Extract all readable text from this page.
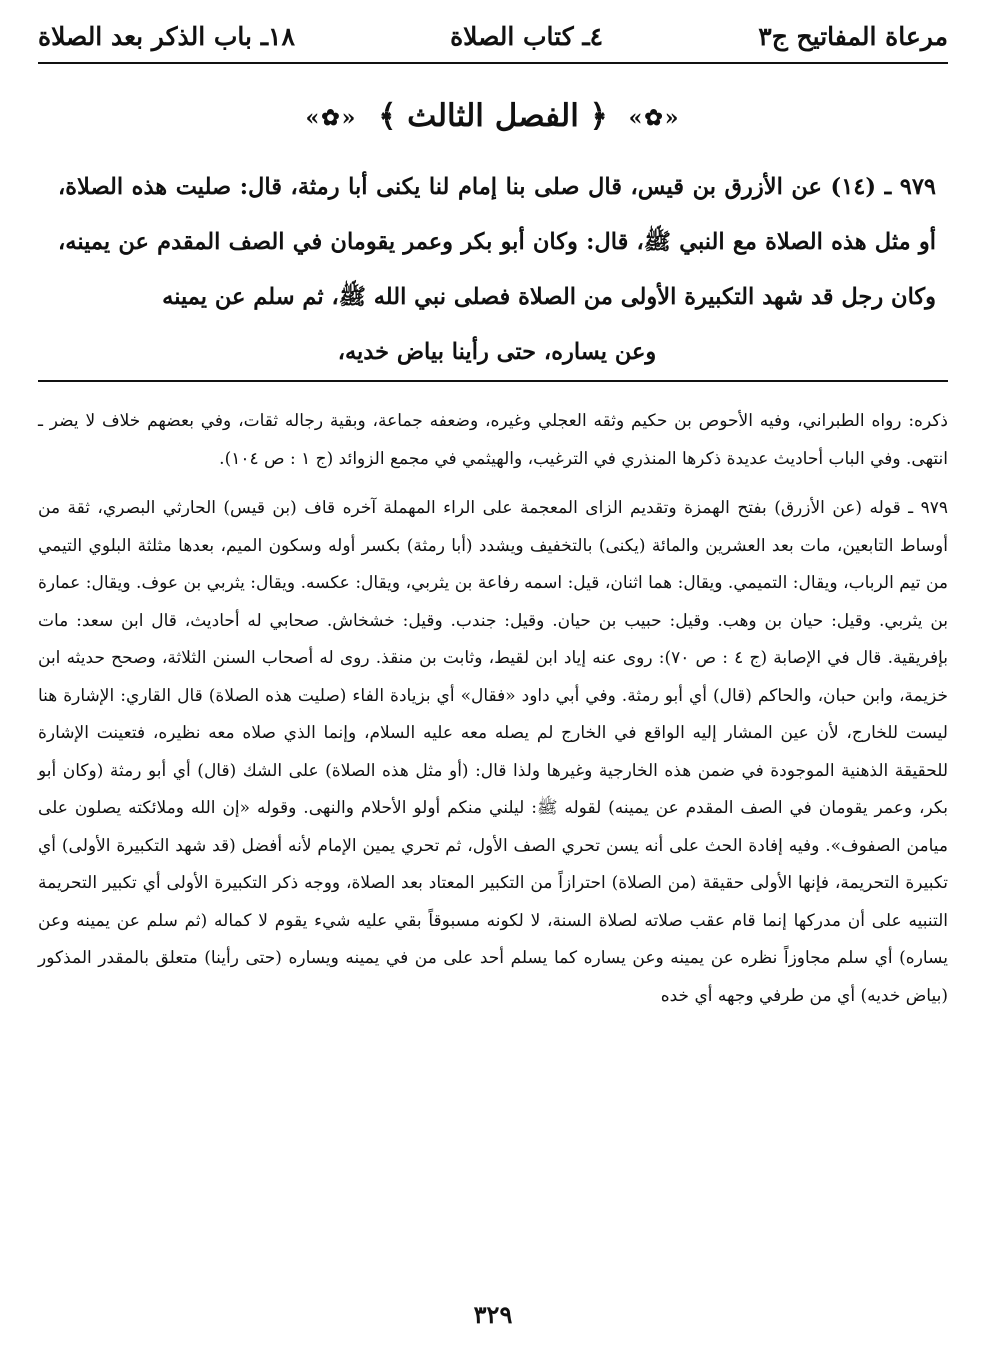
مرعاة المفاتيح ج٣
٤ـ كتاب الصلاة
١٨ـ باب الذكر بعد الصلاة
«✿» ﴿ الفصل الثالث ﴾ «✿»
٩٧٩ ـ (١٤) عن الأزرق بن قيس، قال صلى بنا إمام لنا يكنى أبا رمثة، قال: صليت هذه الصلاة، أو مثل هذه الصلاة مع النبي ﷺ، قال: وكان أبو بكر وعمر يقومان في الصف المقدم عن يمينه، وكان رجل قد شهد التكبيرة الأولى من الصلاة فصلى نبي الله ﷺ، ثم سلم عن يمينه
وعن يساره، حتى رأينا بياض خديه،

ذكره: رواه الطبراني، وفيه الأحوص بن حكيم وثقه العجلي وغيره، وضعفه جماعة، وبقية رجاله ثقات، وفي بعضهم خلاف لا يضر ـ انتهى. وفي الباب أحاديث عديدة ذكرها المنذري في الترغيب، والهيثمي في مجمع الزوائد (ج ١ : ص ١٠٤).

٩٧٩ ـ قوله (عن الأزرق) بفتح الهمزة وتقديم الزاى المعجمة على الراء المهملة آخره قاف (بن قيس) الحارثي البصري، ثقة من أوساط التابعين، مات بعد العشرين والمائة (يكنى) بالتخفيف ويشدد (أبا رمثة) بكسر أوله وسكون الميم، بعدها مثلثة البلوي التيمي من تيم الرباب، ويقال: التميمي. ويقال: هما اثنان، قيل: اسمه رفاعة بن يثربي، ويقال: عكسه. ويقال: يثربي بن عوف. ويقال: عمارة بن يثربي. وقيل: حيان بن وهب. وقيل: حبيب بن حيان. وقيل: جندب. وقيل: خشخاش. صحابي له أحاديث، قال ابن سعد: مات بإفريقية. قال في الإصابة (ج ٤ : ص ٧٠): روى عنه إياد ابن لقيط، وثابت بن منقذ. روى له أصحاب السنن الثلاثة، وصحح حديثه ابن خزيمة، وابن حبان، والحاكم (قال) أي أبو رمثة. وفي أبي داود «فقال» أي بزيادة الفاء (صليت هذه الصلاة) قال القاري: الإشارة هنا ليست للخارج، لأن عين المشار إليه الواقع في الخارج لم يصله معه عليه السلام، وإنما الذي صلاه معه نظيره، فتعينت الإشارة للحقيقة الذهنية الموجودة في ضمن هذه الخارجية وغيرها ولذا قال: (أو مثل هذه الصلاة) على الشك (قال) أي أبو رمثة (وكان أبو بكر، وعمر يقومان في الصف المقدم عن يمينه) لقوله ﷺ: ليلني منكم أولو الأحلام والنهى. وقوله «إن الله وملائكته يصلون على ميامن الصفوف». وفيه إفادة الحث على أنه يسن تحري الصف الأول، ثم تحري يمين الإمام لأنه أفضل (قد شهد التكبيرة الأولى) أي تكبيرة التحريمة، فإنها الأولى حقيقة (من الصلاة) احترازاً من التكبير المعتاد بعد الصلاة، ووجه ذكر التكبيرة الأولى أي تكبير التحريمة التنبيه على أن مدركها إنما قام عقب صلاته لصلاة السنة، لا لكونه مسبوقاً بقي عليه شيء يقوم لا كماله (ثم سلم عن يمينه وعن يساره) أي سلم مجاوزاً نظره عن يمينه وعن يساره كما يسلم أحد على من في يمينه ويساره (حتى رأينا) متعلق بالمقدر المذكور (بياض خديه) أي من طرفي وجهه أي خده

٣٢٩
